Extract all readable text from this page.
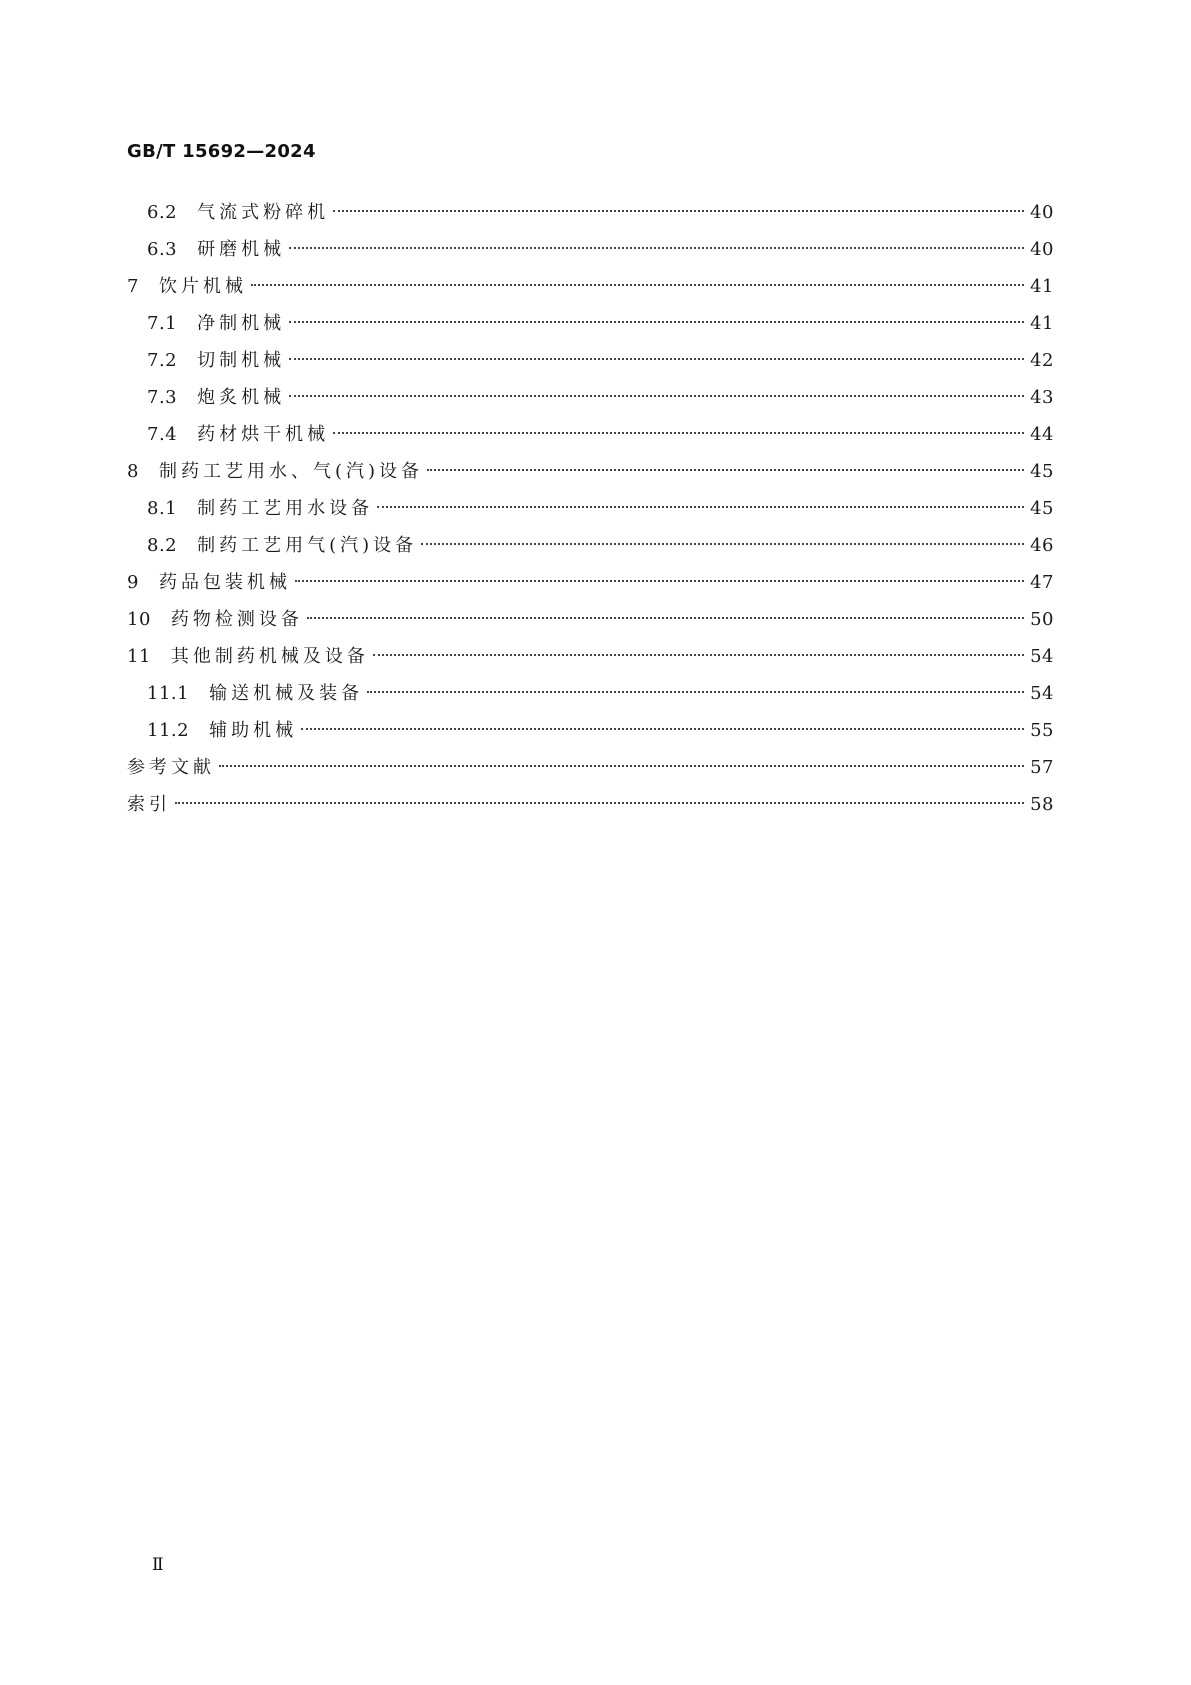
GB/T 15692—2024
6.2 气流式粉碎机	40
6.3 研磨机械	40
7 饮片机械	41
7.1 净制机械	41
7.2 切制机械	42
7.3 炮炙机械	43
7.4 药材烘干机械	44
8 制药工艺用水、气(汽)设备	45
8.1 制药工艺用水设备	45
8.2 制药工艺用气(汽)设备	46
9 药品包装机械	47
10 药物检测设备	50
11 其他制药机械及设备	54
11.1 输送机械及装备	54
11.2 辅助机械	55
参考文献	57
索引	58
Ⅱ
